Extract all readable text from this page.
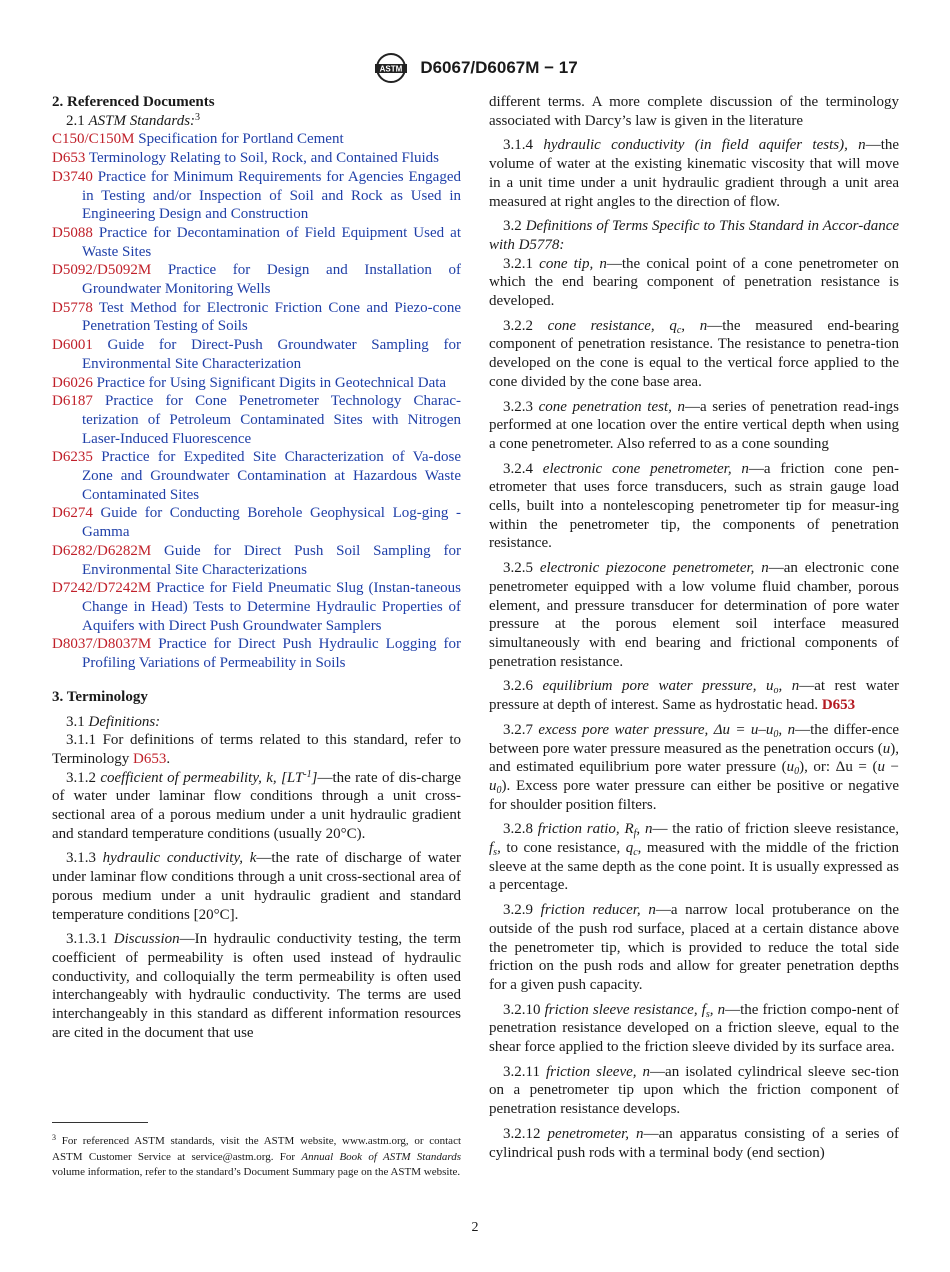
ASTM D6067/D6067M − 17

2. Referenced Documents

2.1 ASTM Standards:$^3$

C150/C150M Specification for Portland Cement

D653 Terminology Relating to Soil, Rock, and Contained Fluids

D3740 Practice for Minimum Requirements for Agencies Engaged in Testing and/or Inspection of Soil and Rock as Used in Engineering Design and Construction

D5088 Practice for Decontamination of Field Equipment Used at Waste Sites

D5092/D5092M Practice for Design and Installation of Groundwater Monitoring Wells

D5778 Test Method for Electronic Friction Cone and Piezo-cone Penetration Testing of Soils

D6001 Guide for Direct-Push Groundwater Sampling for Environmental Site Characterization

D6026 Practice for Using Significant Digits in Geotechnical Data

D6187 Practice for Cone Penetrometer Technology Charac-terization of Petroleum Contaminated Sites with Nitrogen Laser-Induced Fluorescence

D6235 Practice for Expedited Site Characterization of Va-dose Zone and Groundwater Contamination at Hazardous Waste Contaminated Sites

D6274 Guide for Conducting Borehole Geophysical Log-ging - Gamma

D6282/D6282M Guide for Direct Push Soil Sampling for Environmental Site Characterizations

D7242/D7242M Practice for Field Pneumatic Slug (Instan-taneous Change in Head) Tests to Determine Hydraulic Properties of Aquifers with Direct Push Groundwater Samplers

D8037/D8037M Practice for Direct Push Hydraulic Logging for Profiling Variations of Permeability in Soils

3. Terminology

3.1 Definitions:

3.1.1 For definitions of terms related to this standard, refer to Terminology D653.

3.1.2 coefficient of permeability, k, $[LT^{-1}]—the$ rate of dis-charge of water under laminar flow conditions through a unit cross-sectional area of a porous medium under a unit hydraulic gradient and standard temperature conditions (usually 20°C).

3.1.3 hydraulic conductivity, k—the rate of discharge of water under laminar flow conditions through a unit cross-sectional area of porous medium under a unit hydraulic gradient and standard temperature conditions [20°C].

3.1.3.1 Discussion—In hydraulic conductivity testing, the term coefficient of permeability is often used instead of hydraulic conductivity, and colloquially the term permeability is often used interchangeably with hydraulic conductivity. The terms are used interchangeably in this standard as different information resources are cited in the document that use

$^3$ For referenced ASTM standards, visit the ASTM website, www.astm.org, or contact ASTM Customer Service at service@astm.org. For Annual Book of ASTM Standards volume information, refer to the standard’s Document Summary page on the ASTM website.

different terms. A more complete discussion of the terminology associated with Darcy’s law is given in the literature

3.1.4 hydraulic conductivity (in field aquifer tests), n—the volume of water at the existing kinematic viscosity that will move in a unit time under a unit hydraulic gradient through a unit area measured at right angles to the direction of flow.

3.2 Definitions of Terms Specific to This Standard in Accor-dance with D5778:

3.2.1 cone tip, n—the conical point of a cone penetrometer on which the end bearing component of penetration resistance is developed.

3.2.2 cone resistance, $q_c$, n—the measured end-bearing component of penetration resistance. The resistance to penetra-tion developed on the cone is equal to the vertical force applied to the cone divided by the cone base area.

3.2.3 cone penetration test, n—a series of penetration read-ings performed at one location over the entire vertical depth when using a cone penetrometer. Also referred to as a cone sounding

3.2.4 electronic cone penetrometer, n—a friction cone pen-etrometer that uses force transducers, such as strain gauge load cells, built into a nontelescoping penetrometer tip for measur-ing within the penetrometer tip, the components of penetration resistance.

3.2.5 electronic piezocone penetrometer, n—an electronic cone penetrometer equipped with a low volume fluid chamber, porous element, and pressure transducer for determination of pore water pressure at the porous element soil interface measured simultaneously with end bearing and frictional components of penetration resistance.

3.2.6 equilibrium pore water pressure, $u_o$, n—at rest water pressure at depth of interest. Same as hydrostatic head. D653

3.2.7 excess pore water pressure, $\Delta u = u-u_0$, n—the differ-ence between pore water pressure measured as the penetration occurs (u), and estimated equilibrium pore water pressure $(u_0)$, or: $\Delta u = (u - u_0)$. Excess pore water pressure can either be positive or negative for shoulder position filters.

3.2.8 friction ratio, $R_f$, n— the ratio of friction sleeve resistance, $f_s$, to cone resistance, $q_c$, measured with the middle of the friction sleeve at the same depth as the cone point. It is usually expressed as a percentage.

3.2.9 friction reducer, n—a narrow local protuberance on the outside of the push rod surface, placed at a certain distance above the penetrometer tip, which is provided to reduce the total side friction on the push rods and allow for greater penetration depths for a given push capacity.

3.2.10 friction sleeve resistance, $f_s$, n—the friction compo-nent of penetration resistance developed on a friction sleeve, equal to the shear force applied to the friction sleeve divided by its surface area.

3.2.11 friction sleeve, n—an isolated cylindrical sleeve sec-tion on a penetrometer tip upon which the friction component of penetration resistance develops.

3.2.12 penetrometer, n—an apparatus consisting of a series of cylindrical push rods with a terminal body (end section)

2
